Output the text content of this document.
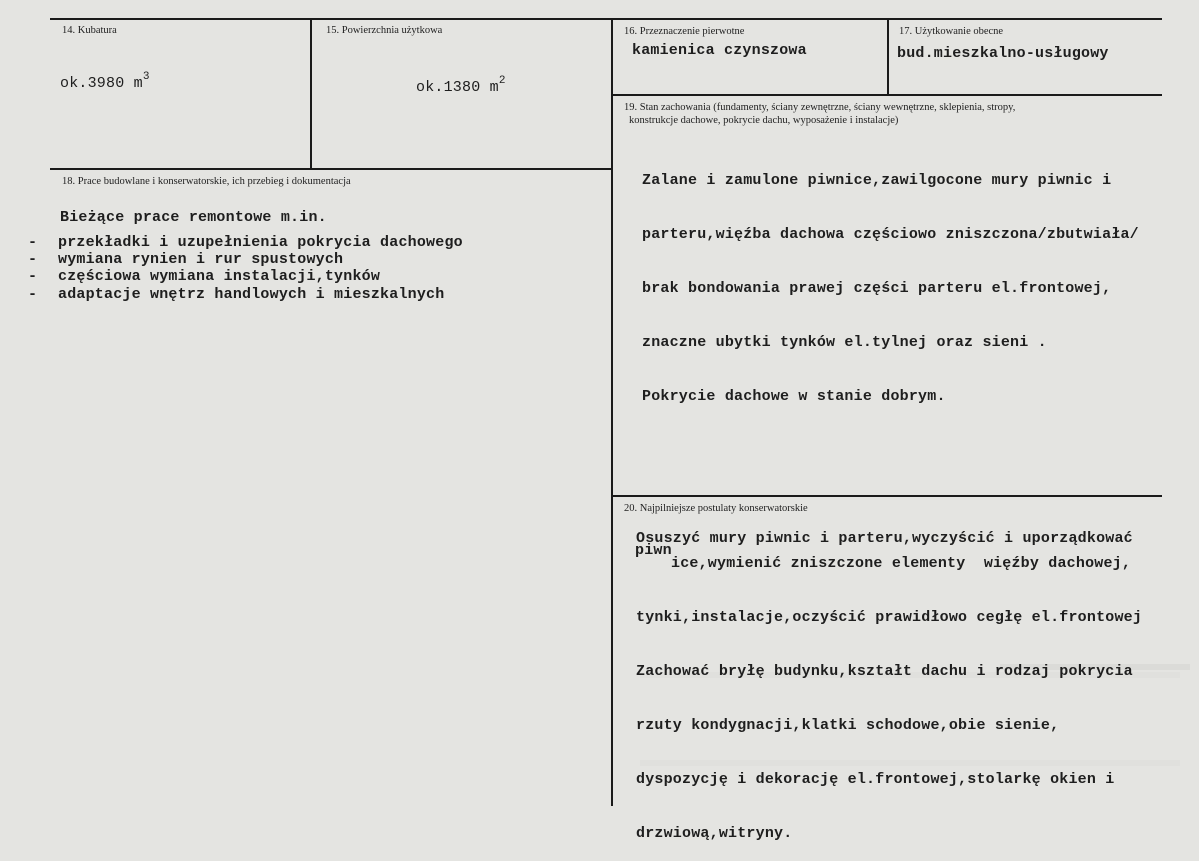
14. Kubatura
ok.3980 $m^3$
15. Powierzchnia użytkowa
ok.1380 $m^2$
16. Przeznaczenie pierwotne
kamienica czynszowa
17. Użytkowanie obecne
bud.mieszkalno-usługowy
19. Stan zachowania (fundamenty, ściany zewnętrzne, ściany wewnętrzne, sklepienia, stropy,
konstrukcje dachowe, pokrycie dachu, wyposażenie i instalacje)

Zalane i zamulone piwnice,zawilgocone mury piwnic i

parteru,więźba dachowa częściowo zniszczona/zbutwiała/

brak bondowania prawej części parteru el.frontowej,

znaczne ubytki tynków el.tylnej oraz sieni .

Pokrycie dachowe w stanie dobrym.

18. Prace budowlane i konserwatorskie, ich przebieg i dokumentacja
Bieżące prace remontowe m.in.
-
-
-
-
przekładki i uzupełnienia pokrycia dachowego
wymiana rynien i rur spustowych
częściowa wymiana instalacji,tynków
adaptacje wnętrz handlowych i mieszkalnych
20. Najpilniejsze postulaty konserwatorskie
Osuszyć mury piwnic i parteru,wyczyścić i uporządkować
piwn
ice,wymienić zniszczone elementy  więźby dachowej,

tynki,instalacje,oczyścić prawidłowo cegłę el.frontowej

Zachować bryłę budynku,kształt dachu i rodzaj pokrycia

rzuty kondygnacji,klatki schodowe,obie sienie,

dyspozycję i dekorację el.frontowej,stolarkę okien i

drzwiową,witryny.
